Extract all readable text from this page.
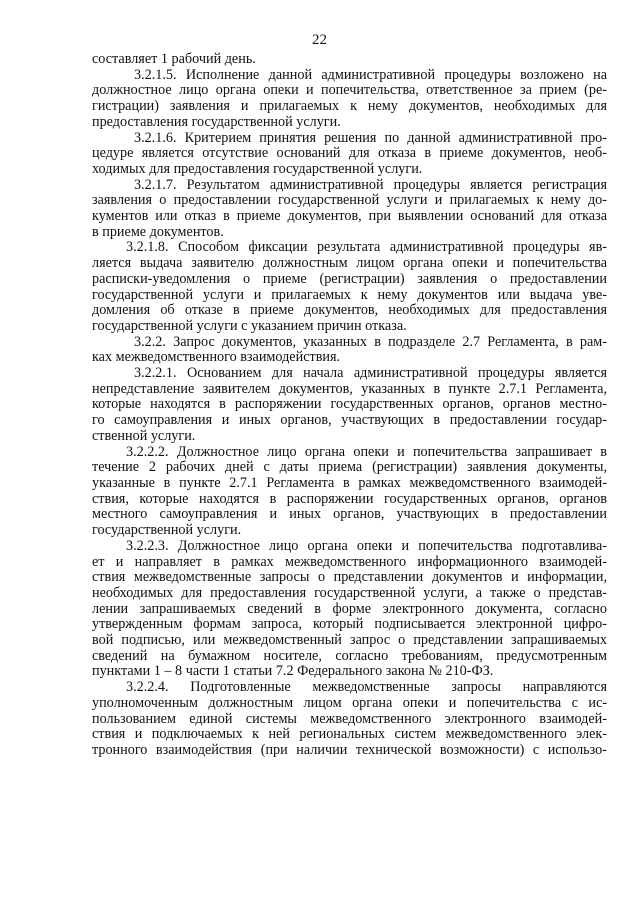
22
составляет 1 рабочий день.
3.2.1.5. Исполнение данной административной процедуры возложено на
должностное лицо органа опеки и попечительства, ответственное за прием (ре-
гистрации) заявления и прилагаемых к нему документов, необходимых для
предоставления государственной услуги.
3.2.1.6. Критерием принятия решения по данной административной про-
цедуре является отсутствие оснований для отказа в приеме документов, необ-
ходимых для предоставления государственной услуги.
3.2.1.7. Результатом административной процедуры является регистрация
заявления о предоставлении государственной услуги и прилагаемых к нему до-
кументов или отказ в приеме документов, при выявлении оснований для отказа
в приеме документов.
3.2.1.8. Способом фиксации результата административной процедуры яв-
ляется выдача заявителю должностным лицом органа опеки и попечительства
расписки-уведомления о приеме (регистрации) заявления о предоставлении
государственной услуги и прилагаемых к нему документов или выдача уве-
домления об отказе в приеме документов, необходимых для предоставления
государственной услуги с указанием причин отказа.
3.2.2. Запрос документов, указанных в подразделе 2.7 Регламента, в рам-
ках межведомственного взаимодействия.
3.2.2.1. Основанием для начала административной процедуры является
непредставление заявителем документов, указанных в пункте 2.7.1 Регламента,
которые находятся в распоряжении государственных органов, органов местно-
го самоуправления и иных органов, участвующих в предоставлении государ-
ственной услуги.
3.2.2.2. Должностное лицо органа опеки и попечительства запрашивает в
течение 2 рабочих дней с даты приема (регистрации) заявления документы,
указанные в пункте 2.7.1 Регламента в рамках межведомственного взаимодей-
ствия, которые находятся в распоряжении государственных органов, органов
местного самоуправления и иных органов, участвующих в предоставлении
государственной услуги.
3.2.2.3. Должностное лицо органа опеки и попечительства подготавлива-
ет и направляет в рамках межведомственного информационного взаимодей-
ствия межведомственные запросы о представлении документов и информации,
необходимых для предоставления государственной услуги, а также о представ-
лении запрашиваемых сведений в форме электронного документа, согласно
утвержденным формам запроса, который подписывается электронной цифро-
вой подписью, или межведомственный запрос о представлении запрашиваемых
сведений на бумажном носителе, согласно требованиям, предусмотренным
пунктами 1 – 8 части 1 статьи 7.2 Федерального закона № 210-ФЗ.
3.2.2.4. Подготовленные межведомственные запросы направляются
уполномоченным должностным лицом органа опеки и попечительства с ис-
пользованием единой системы межведомственного электронного взаимодей-
ствия и подключаемых к ней региональных систем межведомственного элек-
тронного взаимодействия (при наличии технической возможности) с использо-
